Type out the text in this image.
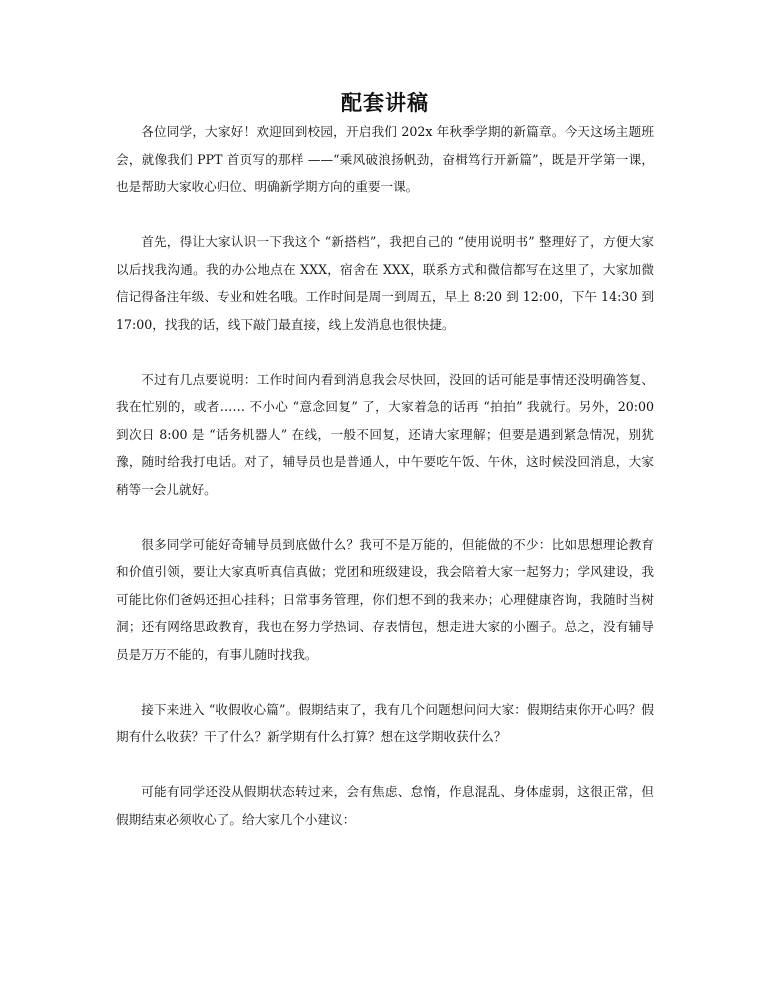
配套讲稿

各位同学，大家好！欢迎回到校园，开启我们 202x 年秋季学期的新篇章。今天这场主题班会，就像我们 PPT 首页写的那样 ——“乘风破浪扬帆劲，奋楫笃行开新篇”，既是开学第一课，也是帮助大家收心归位、明确新学期方向的重要一课。

首先，得让大家认识一下我这个 “新搭档”，我把自己的 “使用说明书” 整理好了，方便大家以后找我沟通。我的办公地点在 XXX，宿舍在 XXX，联系方式和微信都写在这里了，大家加微信记得备注年级、专业和姓名哦。工作时间是周一到周五，早上 8:20 到 12:00，下午 14:30 到 17:00，找我的话，线下敲门最直接，线上发消息也很快捷。

不过有几点要说明：工作时间内看到消息我会尽快回，没回的话可能是事情还没明确答复、我在忙别的，或者…… 不小心 “意念回复” 了，大家着急的话再 “拍拍” 我就行。另外，20:00 到次日 8:00 是 “话务机器人” 在线，一般不回复，还请大家理解；但要是遇到紧急情况，别犹豫，随时给我打电话。对了，辅导员也是普通人，中午要吃午饭、午休，这时候没回消息，大家稍等一会儿就好。

很多同学可能好奇辅导员到底做什么？我可不是万能的，但能做的不少：比如思想理论教育和价值引领，要让大家真听真信真做；党团和班级建设，我会陪着大家一起努力；学风建设，我可能比你们爸妈还担心挂科；日常事务管理，你们想不到的我来办；心理健康咨询，我随时当树洞；还有网络思政教育，我也在努力学热词、存表情包，想走进大家的小圈子。总之，没有辅导员是万万不能的，有事儿随时找我。

接下来进入 “收假收心篇”。假期结束了，我有几个问题想问问大家：假期结束你开心吗？假期有什么收获？干了什么？新学期有什么打算？想在这学期收获什么？

可能有同学还没从假期状态转过来，会有焦虑、怠惰，作息混乱、身体虚弱，这很正常，但假期结束必须收心了。给大家几个小建议：
